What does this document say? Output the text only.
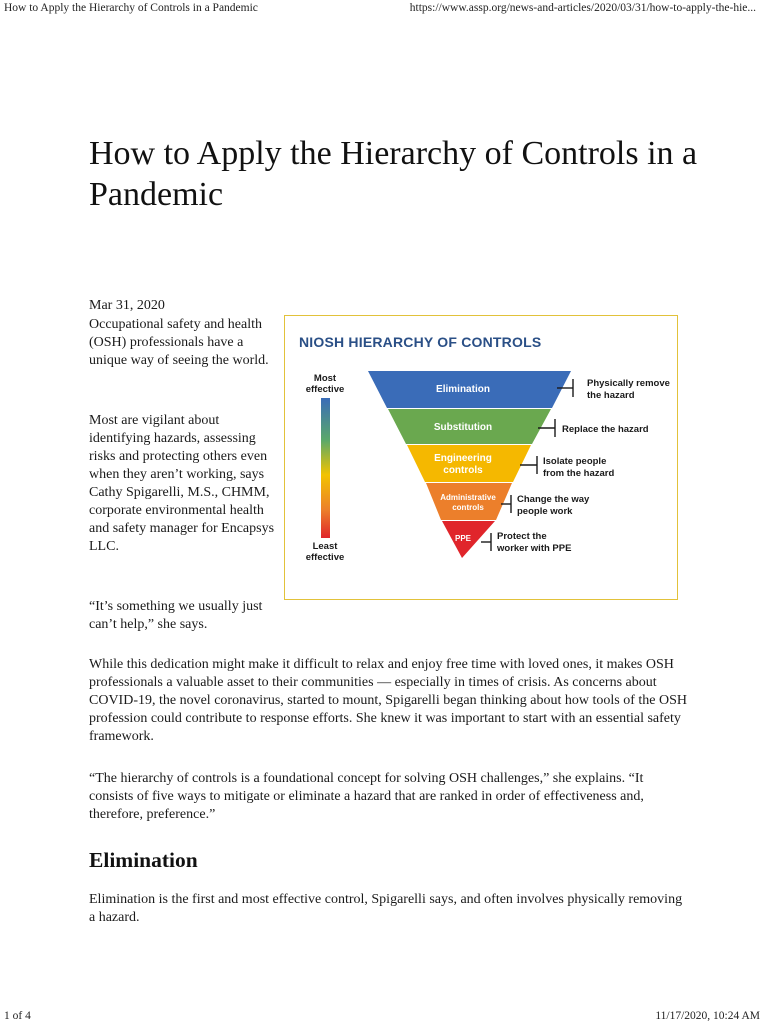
How to Apply the Hierarchy of Controls in a Pandemic	https://www.assp.org/news-and-articles/2020/03/31/how-to-apply-the-hie...
How to Apply the Hierarchy of Controls in a Pandemic
Mar 31, 2020

Occupational safety and health (OSH) professionals have a unique way of seeing the world.

Most are vigilant about identifying hazards, assessing risks and protecting others even when they aren’t working, says Cathy Spigarelli, M.S., CHMM, corporate environmental health and safety manager for Encapsys LLC.

“It’s something we usually just can’t help,” she says.

NIOSH HIERARCHY OF CONTROLS
Most
effective
Least
effective
Elimination
Substitution
Engineering
controls
Administrative
controls
PPE
Physically remove
the hazard
Replace the hazard
Isolate people
from the hazard
Change the way
people work
Protect the
worker with PPE

While this dedication might make it difficult to relax and enjoy free time with loved ones, it makes OSH professionals a valuable asset to their communities — especially in times of crisis. As concerns about COVID-19, the novel coronavirus, started to mount, Spigarelli began thinking about how tools of the OSH profession could contribute to response efforts. She knew it was important to start with an essential safety framework.

“The hierarchy of controls is a foundational concept for solving OSH challenges,” she explains. “It consists of five ways to mitigate or eliminate a hazard that are ranked in order of effectiveness and, therefore, preference.”

Elimination

Elimination is the first and most effective control, Spigarelli says, and often involves physically removing a hazard.

1 of 4	11/17/2020, 10:24 AM
